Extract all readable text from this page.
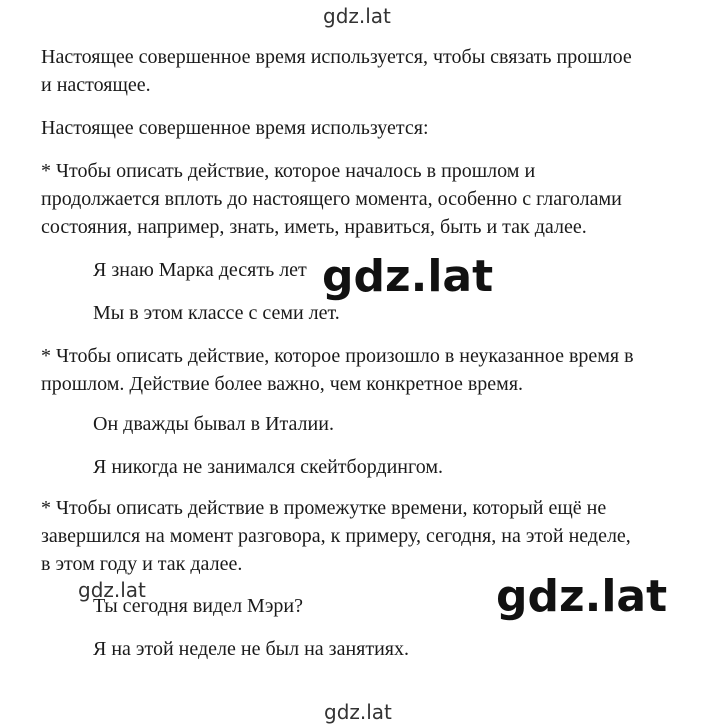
gdz.lat
Настоящее совершенное время используется, чтобы связать прошлое
и настоящее.
Настоящее совершенное время используется:
* Чтобы описать действие, которое началось в прошлом и
продолжается вплоть до настоящего момента, особенно с глаголами
состояния, например, знать, иметь, нравиться, быть и так далее.
Я знаю Марка десять лет gdz.lat
Мы в этом классе с семи лет.
* Чтобы описать действие, которое произошло в неуказанное время в
прошлом. Действие более важно, чем конкретное время.
Он дважды бывал в Италии.
Я никогда не занимался скейтбордингом.
* Чтобы описать действие в промежутке времени, который ещё не
завершился на момент разговора, к примеру, сегодня, на этой неделе,
в этом году и так далее.
gdz.lat
Ты сегодня видел Мэри?	gdz.lat
Я на этой неделе не был на занятиях.
gdz.lat
